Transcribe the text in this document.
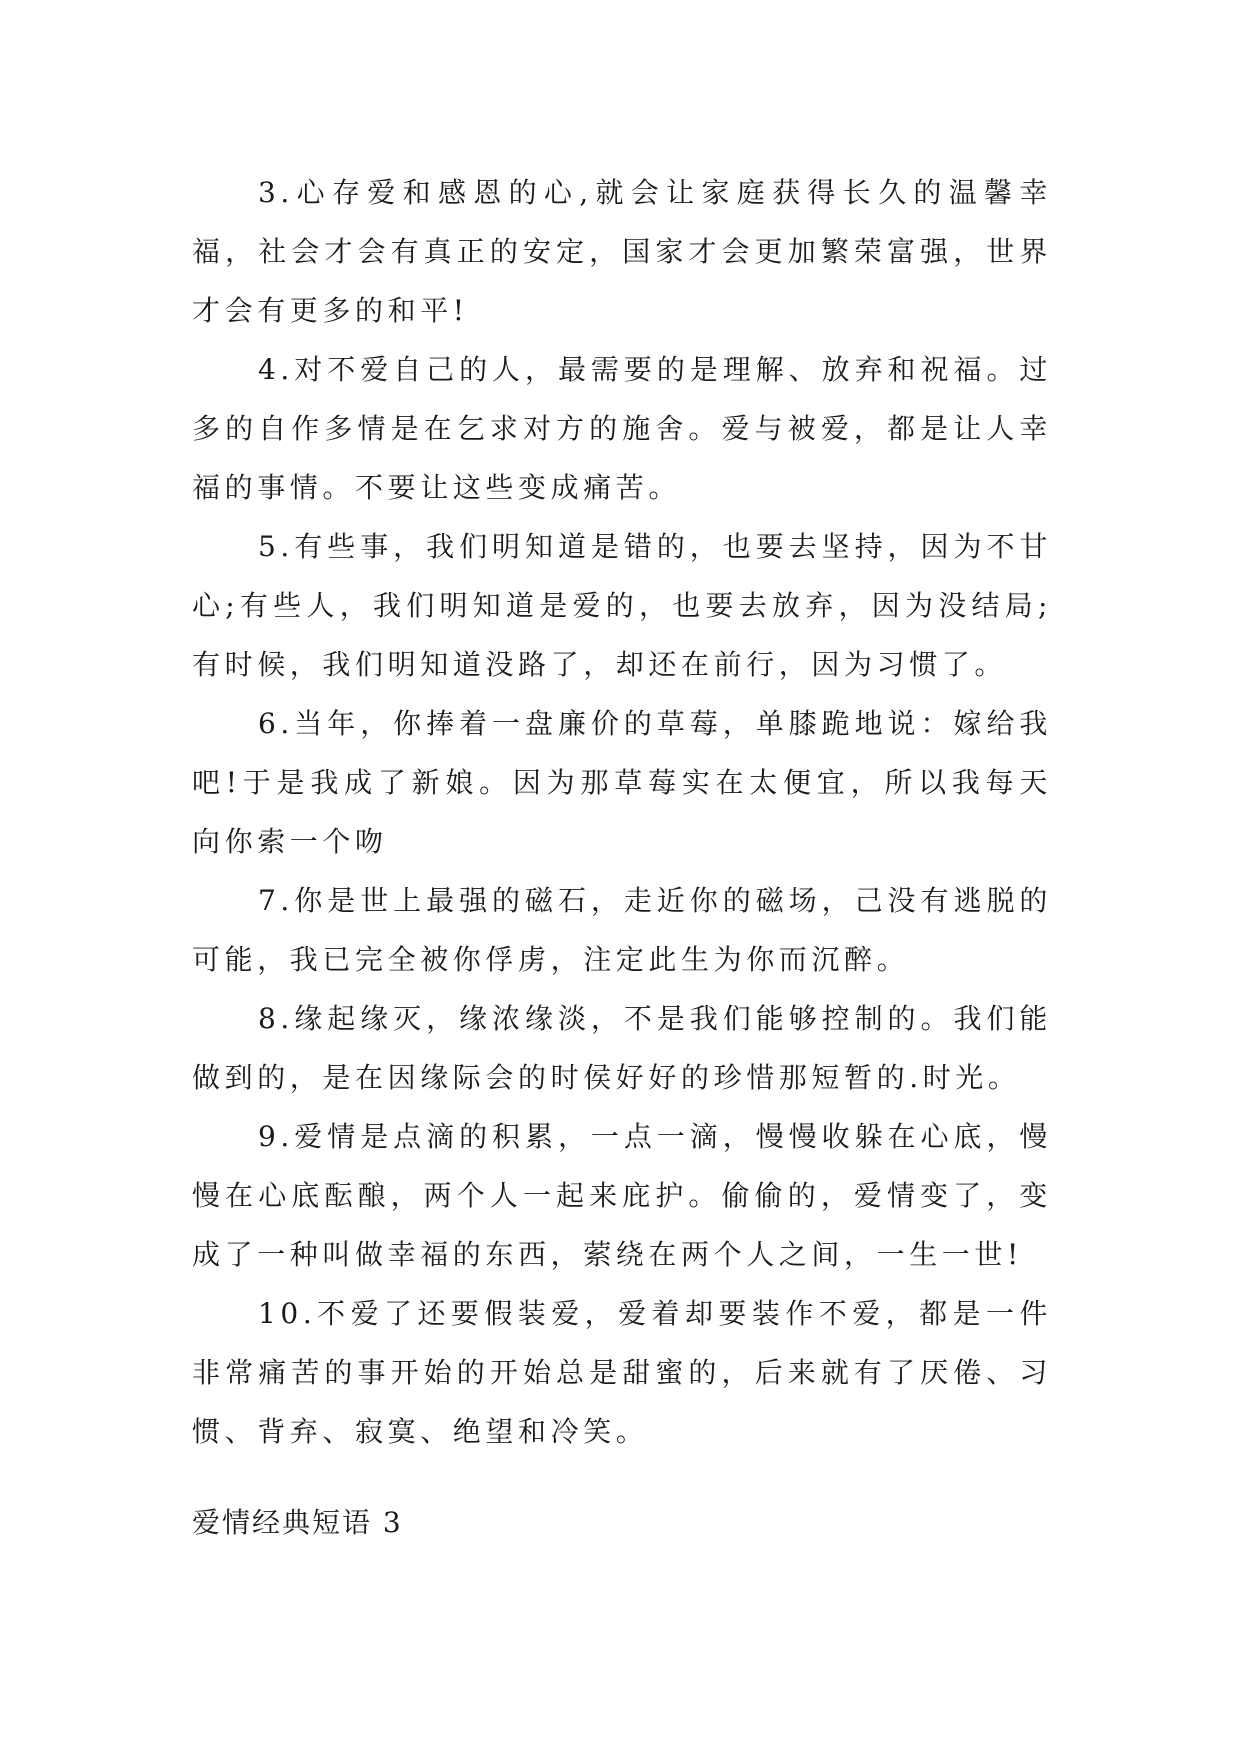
3.心存爱和感恩的心,就会让家庭获得长久的温馨幸福，社会才会有真正的安定，国家才会更加繁荣富强，世界才会有更多的和平!

4.对不爱自己的人，最需要的是理解、放弃和祝福。过多的自作多情是在乞求对方的施舍。爱与被爱，都是让人幸福的事情。不要让这些变成痛苦。

5.有些事，我们明知道是错的，也要去坚持，因为不甘心;有些人，我们明知道是爱的，也要去放弃，因为没结局;有时候，我们明知道没路了，却还在前行，因为习惯了。

6.当年，你捧着一盘廉价的草莓，单膝跪地说：嫁给我吧!于是我成了新娘。因为那草莓实在太便宜，所以我每天向你索一个吻

7.你是世上最强的磁石，走近你的磁场，己没有逃脱的可能，我已完全被你俘虏，注定此生为你而沉醉。

8.缘起缘灭，缘浓缘淡，不是我们能够控制的。我们能做到的，是在因缘际会的时侯好好的珍惜那短暂的.时光。

9.爱情是点滴的积累，一点一滴，慢慢收躲在心底，慢慢在心底酝酿，两个人一起来庇护。偷偷的，爱情变了，变成了一种叫做幸福的东西，萦绕在两个人之间，一生一世!

10.不爱了还要假装爱，爱着却要装作不爱，都是一件非常痛苦的事开始的开始总是甜蜜的，后来就有了厌倦、习惯、背弃、寂寞、绝望和冷笑。

爱情经典短语 3
